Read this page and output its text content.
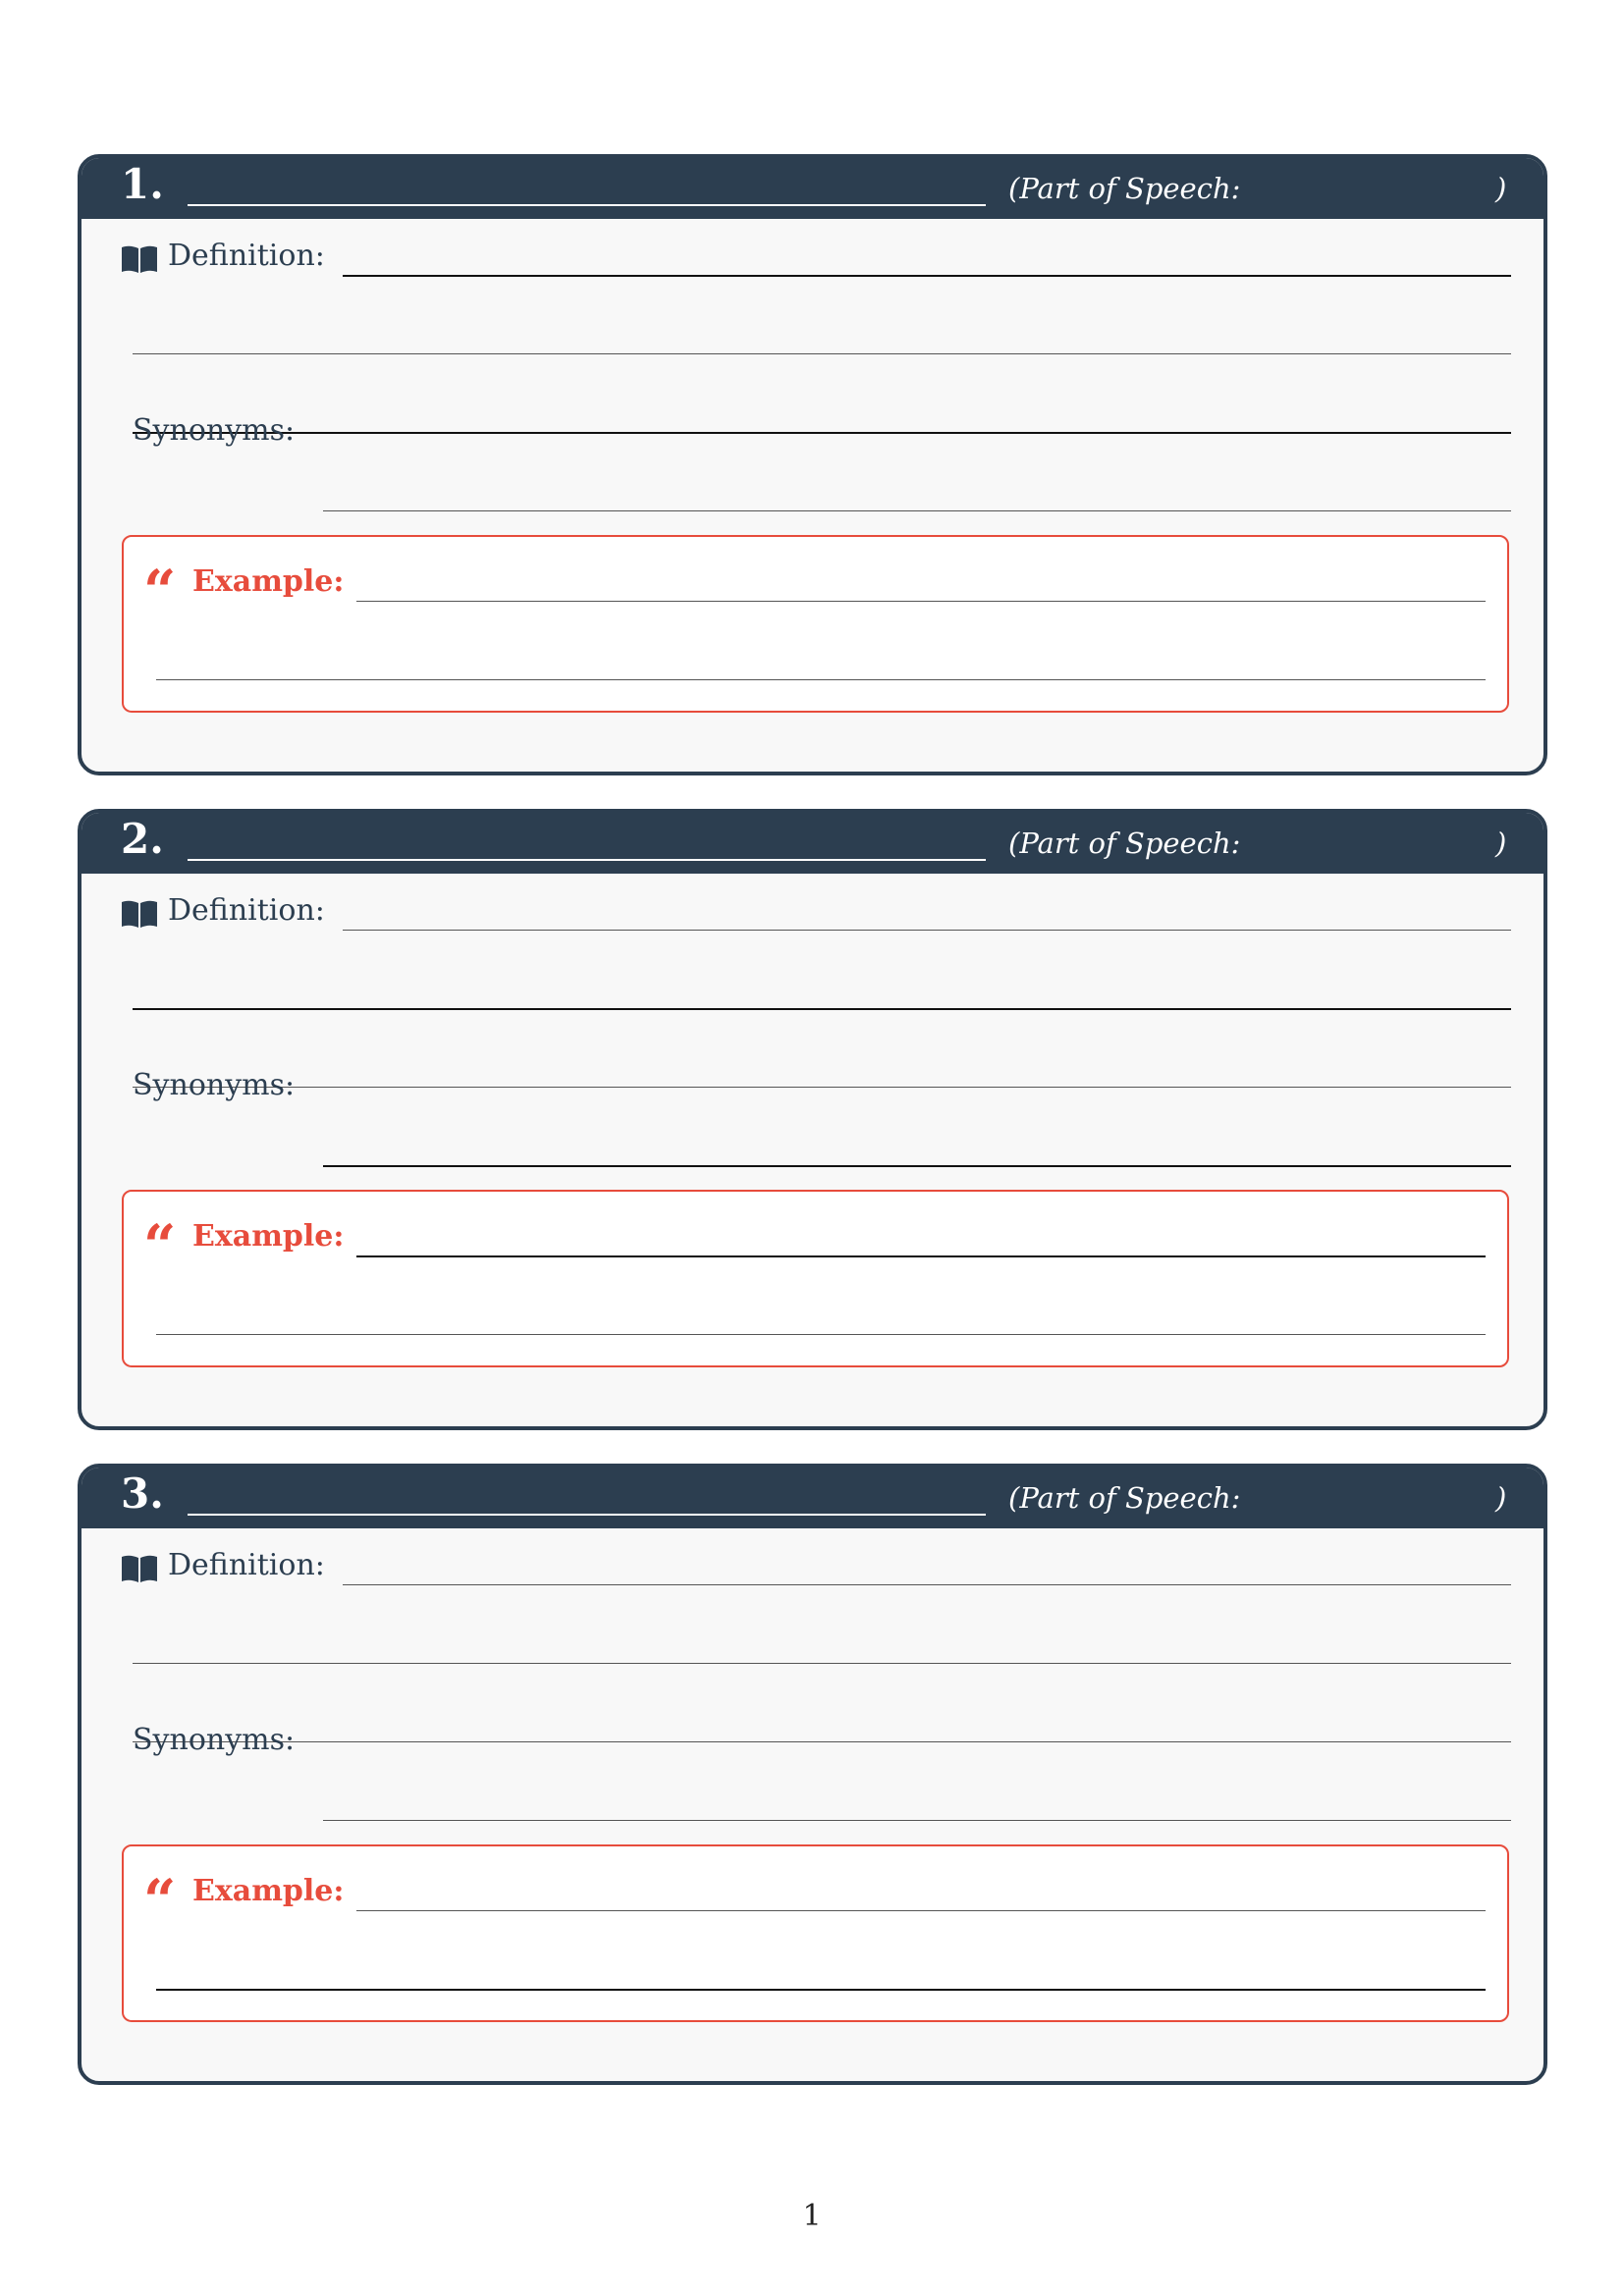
1.	(Part of Speech:	)
Definition:
Synonyms:
“ Example:
2.	(Part of Speech:	)
Definition:
Synonyms:
“ Example:
3.	(Part of Speech:	)
Definition:
Synonyms:
“ Example:
1
